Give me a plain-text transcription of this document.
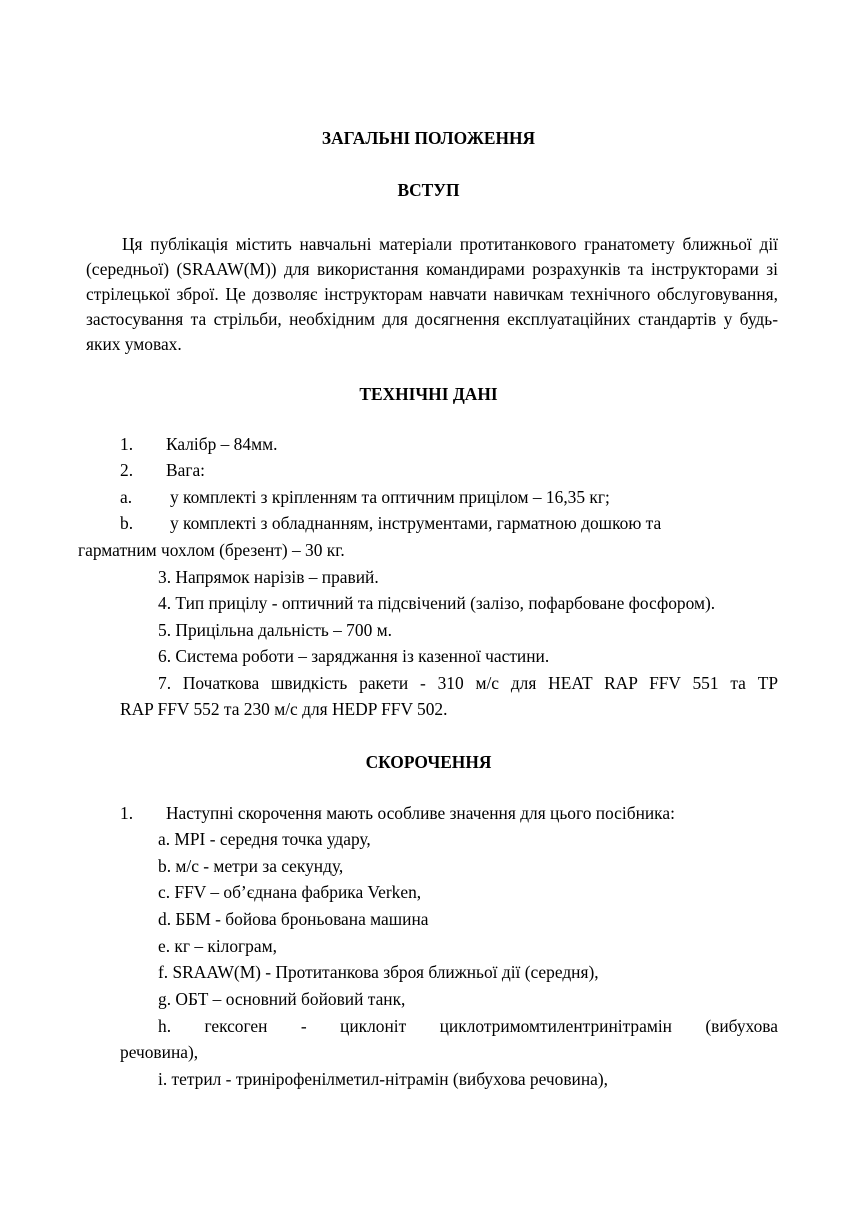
ЗАГАЛЬНІ ПОЛОЖЕННЯ
ВСТУП

Ця публікація містить навчальні матеріали протитанкового гранатомету ближньої дії (середньої) (SRAAW(M)) для використання командирами розрахунків та інструкторами зі стрілецької зброї. Це дозволяє інструкторам навчати навичкам технічного обслуговування, застосування та стрільби, необхідним для досягнення експлуатаційних стандартів у будь-яких умовах.

ТЕХНІЧНІ ДАНІ
1. Калібр – 84мм.
2. Вага:
a. у комплекті з кріпленням та оптичним прицілом – 16,35 кг;
b. у комплекті з обладнанням, інструментами, гарматною дошкою та
гарматним чохлом (брезент) – 30 кг.
3. Напрямок нарізів – правий.
4. Тип прицілу - оптичний та підсвічений (залізо, пофарбоване фосфором).
5. Прицільна дальність – 700 м.
6. Система роботи – заряджання із казенної частини.
7. Початкова швидкість ракети - 310 м/с для HEAT RAP FFV 551 та TP
RAP FFV 552 та 230 м/с для HEDP FFV 502.
СКОРОЧЕННЯ
1. Наступні скорочення мають особливе значення для цього посібника:
a. MPI - середня точка удару,
b. м/с - метри за секунду,
c. FFV – об’єднана фабрика Verken,
d. ББМ - бойова броньована машина
e. кг – кілограм,
f. SRAAW(M) - Протитанкова зброя ближньої дії (середня),
g. ОБТ – основний бойовий танк,
h. гексоген - циклоніт циклотримомтилентринітрамін (вибухова
речовина),
i. тетрил - тринірофенілметил-нітрамін (вибухова речовина),
